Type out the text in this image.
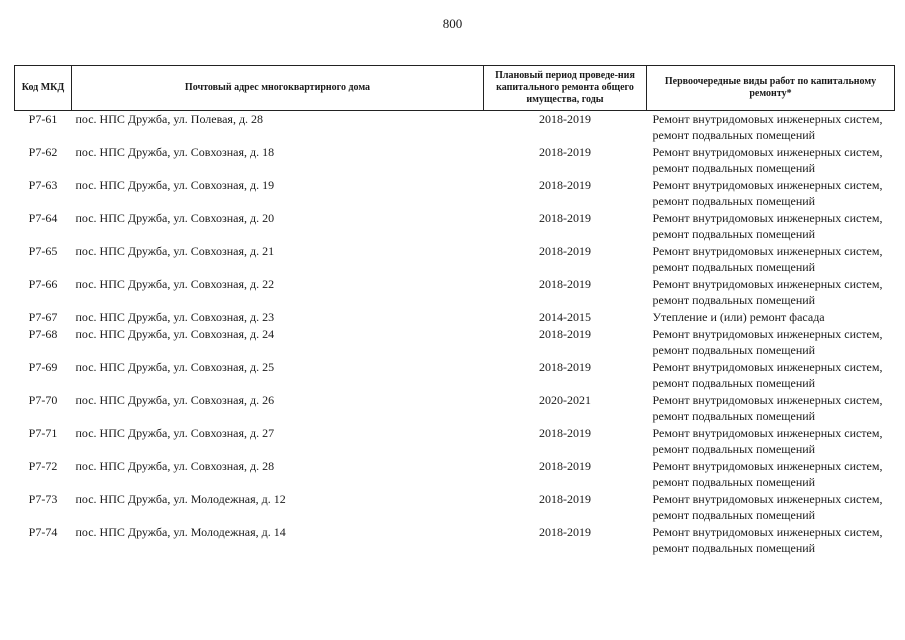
800
Код МКД	Почтовый адрес многоквартирного дома	Плановый период проведе-ния капитального ремонта общего имущества, годы	Первоочередные виды работ по капитальному ремонту*
Р7-61	пос. НПС Дружба, ул. Полевая, д. 28	2018-2019	Ремонт внутридомовых инженерных систем,
ремонт подвальных помещений

Р7-62	пос. НПС Дружба, ул. Совхозная, д. 18	2018-2019	Ремонт внутридомовых инженерных систем,
ремонт подвальных помещений

Р7-63	пос. НПС Дружба, ул. Совхозная, д. 19	2018-2019	Ремонт внутридомовых инженерных систем,
ремонт подвальных помещений

Р7-64	пос. НПС Дружба, ул. Совхозная, д. 20	2018-2019	Ремонт внутридомовых инженерных систем,
ремонт подвальных помещений

Р7-65	пос. НПС Дружба, ул. Совхозная, д. 21	2018-2019	Ремонт внутридомовых инженерных систем,
ремонт подвальных помещений

Р7-66	пос. НПС Дружба, ул. Совхозная, д. 22	2018-2019	Ремонт внутридомовых инженерных систем,
ремонт подвальных помещений

Р7-67	пос. НПС Дружба, ул. Совхозная, д. 23	2014-2015	Утепление и (или) ремонт фасада

Р7-68	пос. НПС Дружба, ул. Совхозная, д. 24	2018-2019	Ремонт внутридомовых инженерных систем,
ремонт подвальных помещений

Р7-69	пос. НПС Дружба, ул. Совхозная, д. 25	2018-2019	Ремонт внутридомовых инженерных систем,
ремонт подвальных помещений

Р7-70	пос. НПС Дружба, ул. Совхозная, д. 26	2020-2021	Ремонт внутридомовых инженерных систем,
ремонт подвальных помещений

Р7-71	пос. НПС Дружба, ул. Совхозная, д. 27	2018-2019	Ремонт внутридомовых инженерных систем,
ремонт подвальных помещений

Р7-72	пос. НПС Дружба, ул. Совхозная, д. 28	2018-2019	Ремонт внутридомовых инженерных систем,
ремонт подвальных помещений

Р7-73	пос. НПС Дружба, ул. Молодежная, д. 12	2018-2019	Ремонт внутридомовых инженерных систем,
ремонт подвальных помещений

Р7-74	пос. НПС Дружба, ул. Молодежная, д. 14	2018-2019	Ремонт внутридомовых инженерных систем,
ремонт подвальных помещений
